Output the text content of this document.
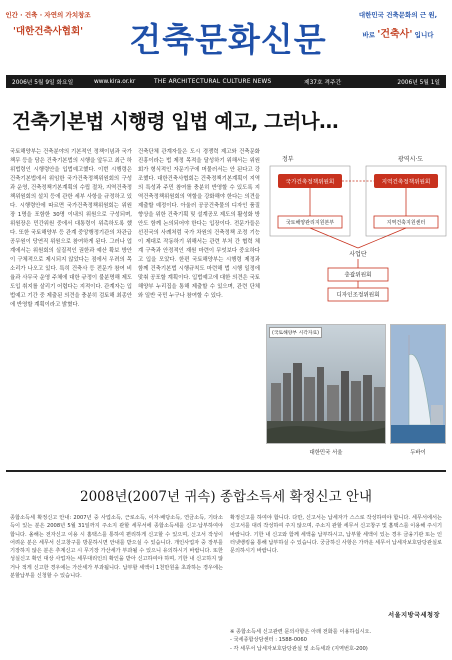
인간 · 건축 · 자연의 가치창조
'대한건축사협회'	건축문화신문
대한민국 건축문화의 근 원,
바로 '건축사' 입니다
2006년 5월 9일 화요일	www.kira.or.kr	THE ARCHITECTURAL CULTURE NEWS	제37호 격주간	2006년 5월 1일
건축기본법 시행령 입법 예고, 그러나…
국토해양부는 건축분야의 기본적인 정책이념과 국가 책무 등을 담은 건축기본법의 시행을 앞두고 최근 하위법령인 시행령안을 입법예고했다. 이번 시행령은 건축기본법에서 위임한 국가건축정책위원회의 구성과 운영, 건축정책기본계획의 수립 절차, 지역건축정책위원회의 설치 등에 관한 세부 사항을 규정하고 있다. 시행령안에 따르면 국가건축정책위원회는 위원장 1명을 포함한 30명 이내의 위원으로 구성되며, 위원장은 민간위원 중에서 대통령이 위촉하도록 했다. 또한 국토해양부 등 관계 중앙행정기관의 차관급 공무원이 당연직 위원으로 참여하게 된다. 그러나 업계에서는 위원회의 실질적인 권한과 예산 확보 방안이 구체적으로 제시되지 않았다는 점에서 우려의 목소리가 나오고 있다. 특히 건축사 등 전문가 참여 비율과 사무국 운영 주체에 대한 규정이 불분명해 제도 도입 취지를 살리기 어렵다는 지적이다. 관계자는 입법예고 기간 중 제출된 의견을 충분히 검토해 최종안에 반영할 계획이라고 밝혔다.
건축단체 관계자들은 도시 경쟁력 제고와 건축문화 진흥이라는 법 제정 목적을 달성하기 위해서는 위원회가 형식적인 자문기구에 머물러서는 안 된다고 강조했다. 대한건축사협회는 건축정책기본계획이 지역의 특성과 주민 참여를 충분히 반영할 수 있도록 지역건축정책위원회의 역할을 강화해야 한다는 의견을 제출할 예정이다. 아울러 공공건축물의 디자인 품질 향상을 위한 건축기획 및 설계공모 제도의 활성화 방안도 함께 논의되어야 한다는 입장이다. 전문가들은 선진국의 사례처럼 국가 차원의 건축정책 조정 기능이 제대로 작동하기 위해서는 관련 부처 간 협력 체계 구축과 안정적인 재원 마련이 무엇보다 중요하다고 입을 모았다. 한편 국토해양부는 시행령 제정과 함께 건축기본법 시행규칙도 마련해 법 시행 일정에 맞춰 공포할 계획이다. 입법예고에 대한 의견은 국토해양부 누리집을 통해 제출할 수 있으며, 관련 단체와 일반 국민 누구나 참여할 수 있다.
정부	광역시·도
국가건축정책위원회	지역건축정책위원회
국토해양관리지원본부	지역건축지원센터
사업단
총괄위원회
디자인조정위원회
(국토해양부 시각자료)
대한민국 서울	두바이
2008년(2007년 귀속) 종합소득세 확정신고 안내
종합소득세 확정신고 안내: 2007년 중 사업소득, 근로소득, 이자·배당소득, 연금소득, 기타소득이 있는 분은 2008년 5월 31일까지 주소지 관할 세무서에 종합소득세를 신고·납부하여야 합니다. 올해는 전자신고 이용 시 홈택스를 통하여 편리하게 신고할 수 있으며, 신고서 작성이 어려운 분은 세무서 신고창구를 방문하시면 안내를 받으실 수 있습니다. 개인사업자 중 장부를 기장하지 않은 분은 추계신고 시 무기장 가산세가 부과될 수 있으니 유의하시기 바랍니다. 또한 성실신고 확인 대상 사업자는 세무대리인의 확인을 받아 신고하여야 하며, 기한 내 신고하지 않거나 적게 신고한 경우에는 가산세가 부과됩니다. 납부할 세액이 1천만원을 초과하는 경우에는 분할납부를 신청할 수 있습니다.
확정신고를 하여야 합니다. 다만, 신고서는 납세자가 스스로 작성하여야 합니다. 세무서에서는 신고서를 대리 작성하여 주지 않으며, 주소지 관할 세무서 신고창구 및 홈택스를 이용해 주시기 바랍니다. 기한 내 신고와 함께 세액을 납부하시고, 납부할 세액이 있는 경우 금융기관 또는 인터넷뱅킹을 통해 납부하실 수 있습니다. 궁금하신 사항은 가까운 세무서 납세자보호담당관실로 문의하시기 바랍니다.
서울지방국세청장
※ 종합소득세 신고관련 문의사항은 아래 전화를 이용하십시오.
- 국세종합상담센터 : 1588-0060
- 각 세무서 납세자보호담당관실 및 소득세과 (지역번호-200)
